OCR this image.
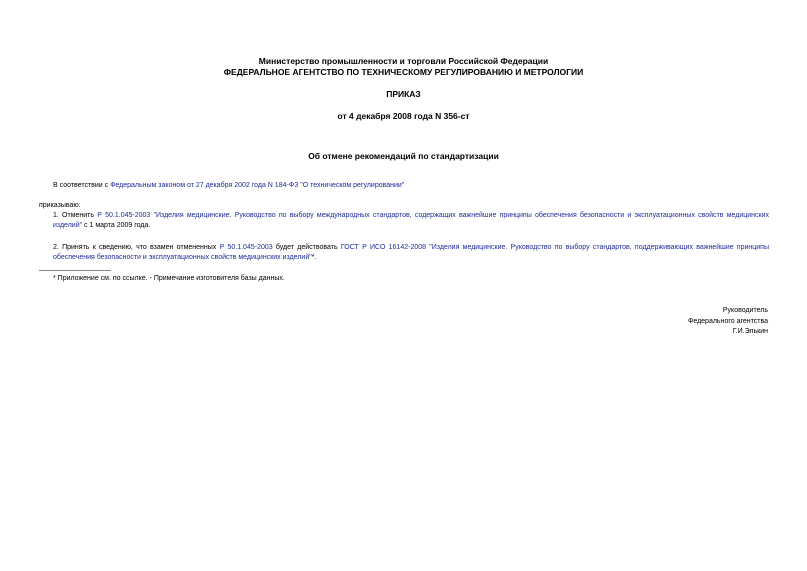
Министерство промышленности и торговли Российской Федерации
ФЕДЕРАЛЬНОЕ АГЕНТСТВО ПО ТЕХНИЧЕСКОМУ РЕГУЛИРОВАНИЮ И МЕТРОЛОГИИ
ПРИКАЗ
от 4 декабря 2008 года N 356-ст
Об отмене рекомендаций по стандартизации
В соответствии с Федеральным законом от 27 декабря 2002 года N 184-ФЗ "О техническом регулировании"
приказываю:
1. Отменить Р 50.1.045-2003 "Изделия медицинские. Руководство по выбору международных стандартов, содержащих важнейшие принципы обеспечения безопасности и эксплуатационных свойств медицинских изделий" с 1 марта 2009 года.
2. Принять к сведению, что взамен отмененных Р 50.1.045-2003 будет действовать ГОСТ Р ИСО 16142-2008 "Изделия медицинские. Руководство по выбору стандартов, поддерживающих важнейшие принципы обеспечения безопасности и эксплуатационных свойств медицинских изделий"*.
* Приложение см. по ссылке. - Примечание изготовителя базы данных.
Руководитель
Федерального агентства
Г.И.Элькин
